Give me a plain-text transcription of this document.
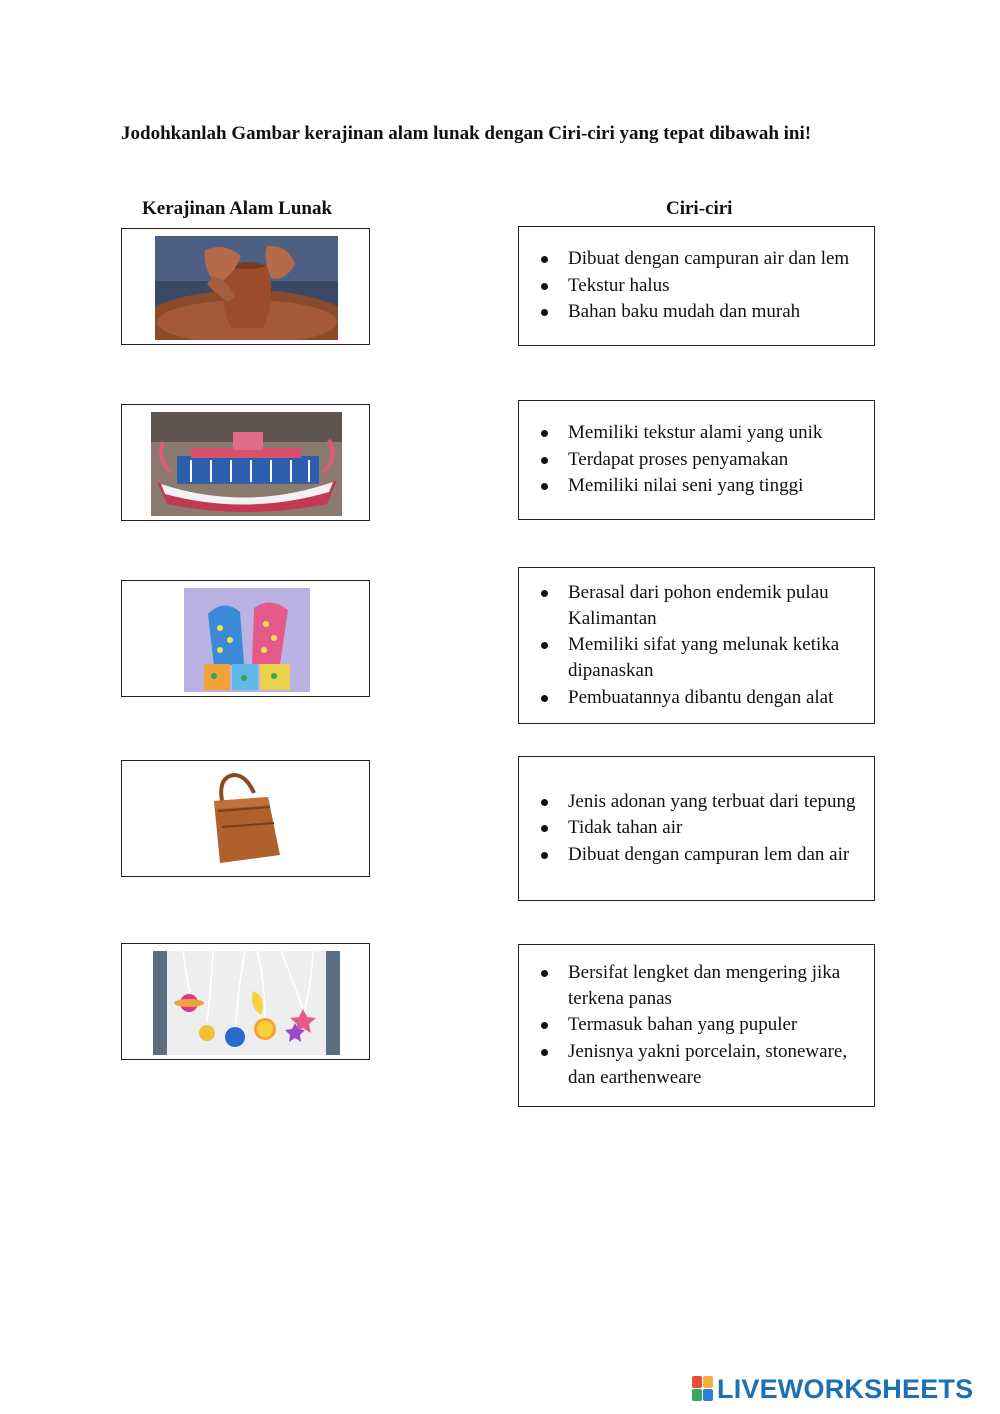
Jodohkanlah Gambar kerajinan alam lunak dengan Ciri-ciri yang tepat dibawah ini!
Kerajinan Alam Lunak	Ciri-ciri
Dibuat dengan campuran air dan lem
Tekstur halus
Bahan baku mudah dan murah
Memiliki tekstur alami yang unik
Terdapat proses penyamakan
Memiliki nilai seni yang tinggi
Berasal dari pohon endemik pulau Kalimantan
Memiliki sifat yang melunak ketika dipanaskan
Pembuatannya dibantu dengan alat
Jenis adonan yang terbuat dari tepung
Tidak tahan air
Dibuat dengan campuran lem dan air
Bersifat lengket dan mengering jika terkena panas
Termasuk bahan yang pupuler
Jenisnya yakni porcelain, stoneware, dan earthenweare
LIVEWORKSHEETS
